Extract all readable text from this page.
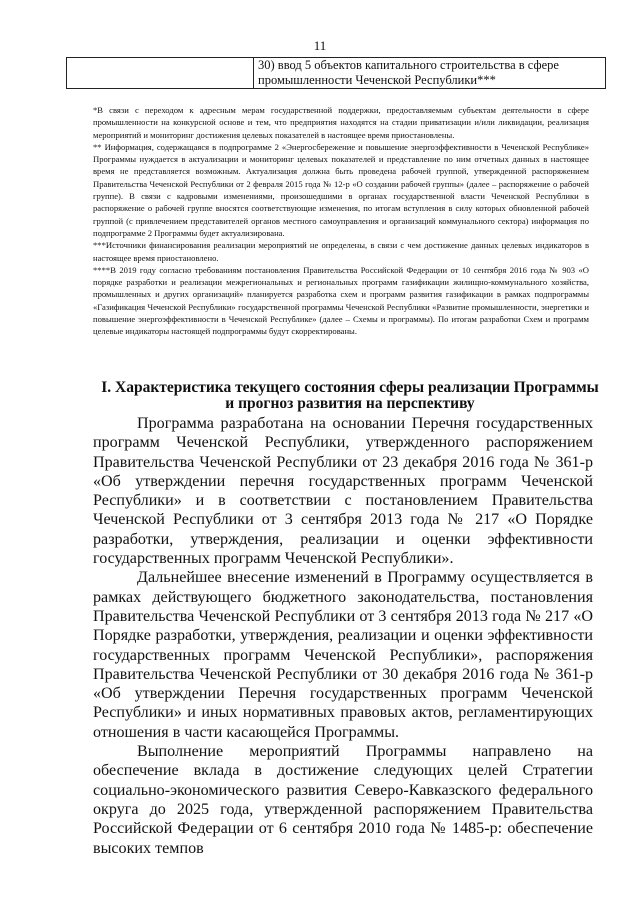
11
	30) ввод 5 объектов капитального строительства в сфере промышленности Чеченской Республики***

*В связи с переходом к адресным мерам государственной поддержки, предоставляемым субъектам деятельности в сфере промышленности на конкурсной основе и тем, что предприятия находятся на стадии приватизации и/или ликвидации, реализация мероприятий и мониторинг достижения целевых показателей в настоящее время приостановлены.

** Информация, содержащаяся в подпрограмме 2 «Энергосбережение и повышение энергоэффективности в Чеченской Республике» Программы нуждается в актуализации и мониторинг целевых показателей и представление по ним отчетных данных в настоящее время не представляется возможным. Актуализация должна быть проведена рабочей группой, утвержденной распоряжением Правительства Чеченской Республики от 2 февраля 2015 года № 12-р «О создании рабочей группы» (далее – распоряжение о рабочей группе). В связи с кадровыми изменениями, произошедшими в органах государственной власти Чеченской Республики в распоряжение о рабочей группе вносятся соответствующие изменения, по итогам вступления в силу которых обновленной рабочей группой (с привлечением представителей органов местного самоуправления и организаций коммунального сектора) информация по подпрограмме 2 Программы будет актуализирована.

***Источники финансирования реализации мероприятий не определены, в связи с чем достижение данных целевых индикаторов в настоящее время приостановлено.

****В 2019 году согласно требованиям постановления Правительства Российской Федерации от 10 сентября 2016 года № 903 «О порядке разработки и реализации межрегиональных и региональных программ газификации жилищно-коммунального хозяйства, промышленных и других организаций» планируется разработка схем и программ развития газификации в рамках подпрограммы «Газификация Чеченской Республики» государственной программы Чеченской Республики «Развитие промышленности, энергетики и повышение энергоэффективности в Чеченской Республике» (далее – Схемы и программы). По итогам разработки Схем и программ целевые индикаторы настоящей подпрограммы будут скорректированы.

I. Характеристика текущего состояния сферы реализации Программы
и прогноз развития на перспективу

Программа разработана на основании Перечня государственных программ Чеченской Республики, утвержденного распоряжением Правительства Чеченской Республики от 23 декабря 2016 года № 361-р «Об утверждении перечня государственных программ Чеченской Республики» и в соответствии с постановлением Правительства Чеченской Республики от 3 сентября 2013 года № 217 «О Порядке разработки, утверждения, реализации и оценки эффективности государственных программ Чеченской Республики».

Дальнейшее внесение изменений в Программу осуществляется в рамках действующего бюджетного законодательства, постановления Правительства Чеченской Республики от 3 сентября 2013 года № 217 «О Порядке разработки, утверждения, реализации и оценки эффективности государственных программ Чеченской Республики», распоряжения Правительства Чеченской Республики от 30 декабря 2016 года № 361-р «Об утверждении Перечня государственных программ Чеченской Республики» и иных нормативных правовых актов, регламентирующих отношения в части касающейся Программы.

Выполнение мероприятий Программы направлено на обеспечение вклада в достижение следующих целей Стратегии социально-экономического развития Северо-Кавказского федерального округа до 2025 года, утвержденной распоряжением Правительства Российской Федерации от 6 сентября 2010 года № 1485-р: обеспечение высоких темпов
